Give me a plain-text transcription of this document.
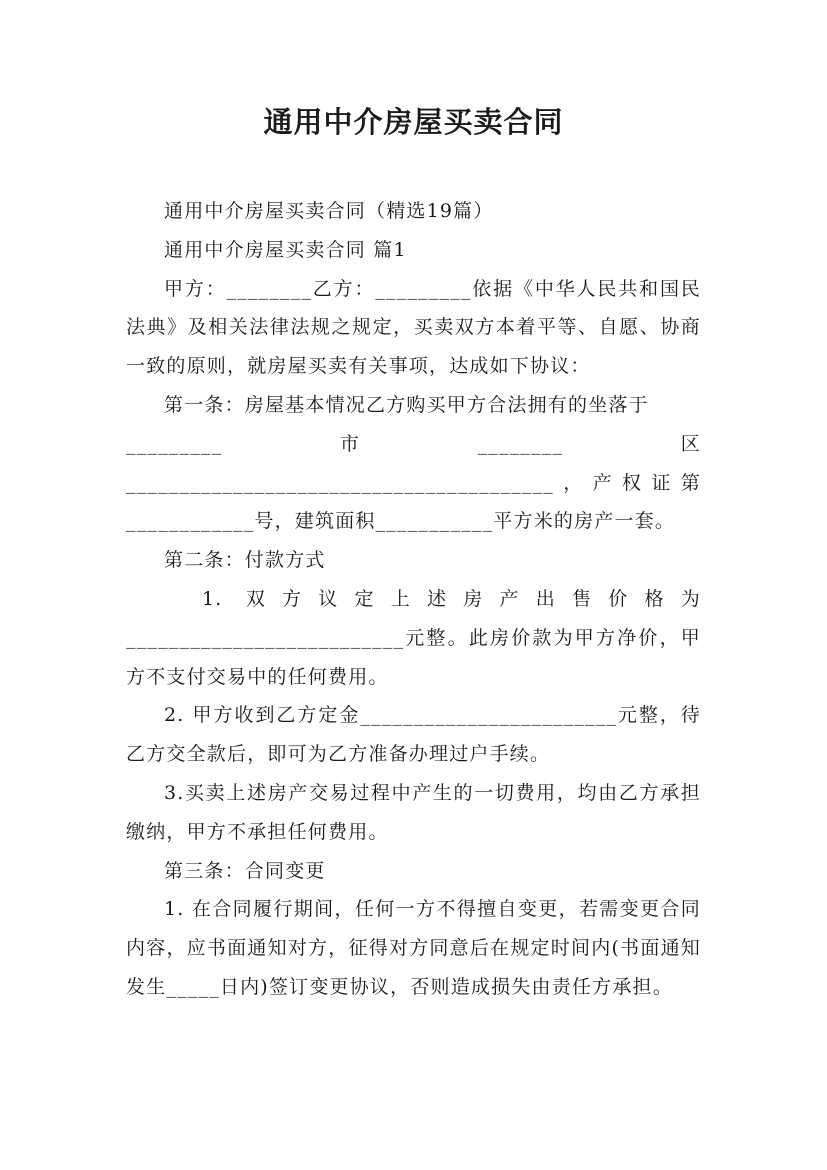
通用中介房屋买卖合同

通用中介房屋买卖合同（精选19篇）

通用中介房屋买卖合同 篇1

甲方：________乙方：_________依据《中华人民共和国民法典》及相关法律法规之规定，买卖双方本着平等、自愿、协商一致的原则，就房屋买卖有关事项，达成如下协议：

第一条：房屋基本情况乙方购买甲方合法拥有的坐落于

_________	市	________	区
________________________________________，产权证第

____________号，建筑面积___________平方米的房产一套。

第二条：付款方式

1. 双方议定上述房产出售价格为__________________________元整。此房价款为甲方净价，甲方不支付交易中的任何费用。

2. 甲方收到乙方定金________________________元整，待乙方交全款后，即可为乙方准备办理过户手续。

3.买卖上述房产交易过程中产生的一切费用，均由乙方承担缴纳，甲方不承担任何费用。

第三条：合同变更

1. 在合同履行期间，任何一方不得擅自变更，若需变更合同内容，应书面通知对方，征得对方同意后在规定时间内(书面通知发生_____日内)签订变更协议，否则造成损失由责任方承担。
